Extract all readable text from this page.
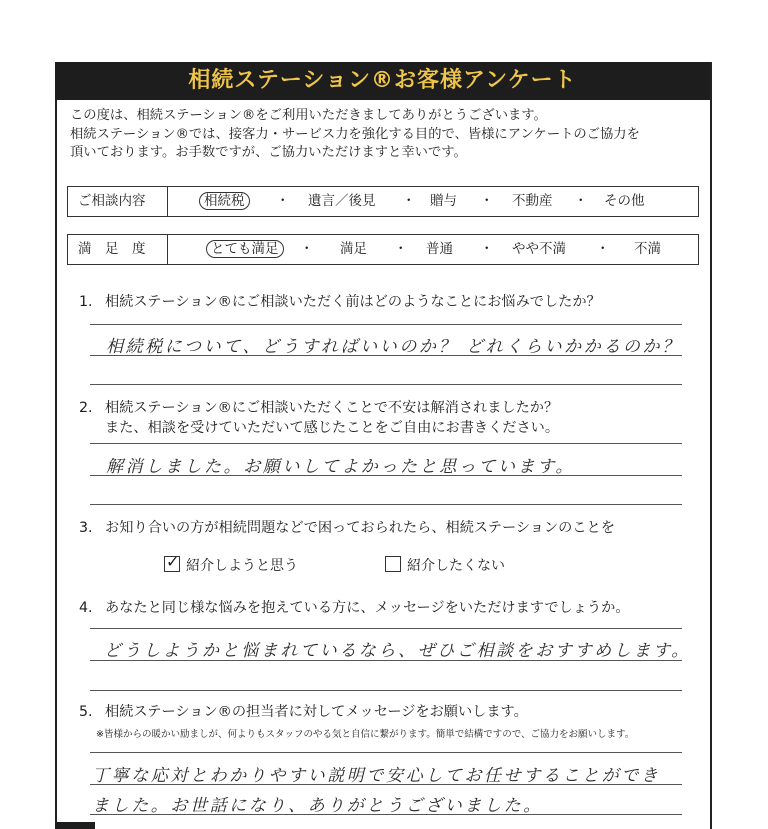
相続ステーション®お客様アンケート
この度は、相続ステーション®をご利用いただきましてありがとうございます。
相続ステーション®では、接客力・サービス力を強化する目的で、皆様にアンケートのご協力を
頂いております。お手数ですが、ご協力いただけますと幸いです。
ご相談内容	相続税	・ 遺言／後見 ・ 贈与 ・ 不動産 ・ その他
満　足　度	とても満足	・ 満足 ・ 普通 ・ やや不満 ・ 不満
1. 相続ステーション®にご相談いただく前はどのようなことにお悩みでしたか？
相続税について、どうすればいいのか？ どれくらいかかるのか？
2. 相続ステーション®にご相談いただくことで不安は解消されましたか？
また、相談を受けていただいて感じたことをご自由にお書きください。
解消しました。お願いしてよかったと思っています。
3. お知り合いの方が相続問題などで困っておられたら、相続ステーションのことを
✓ 紹介しようと思う	紹介したくない
4. あなたと同じ様な悩みを抱えている方に、メッセージをいただけますでしょうか。
どうしようかと悩まれているなら、ぜひご相談をおすすめします。
5. 相続ステーション®の担当者に対してメッセージをお願いします。
※皆様からの暖かい励ましが、何よりもスタッフのやる気と自信に繋がります。簡単で結構ですので、ご協力をお願いします。
丁寧な応対とわかりやすい説明で安心してお任せすることができ
ました。お世話になり、ありがとうございました。
